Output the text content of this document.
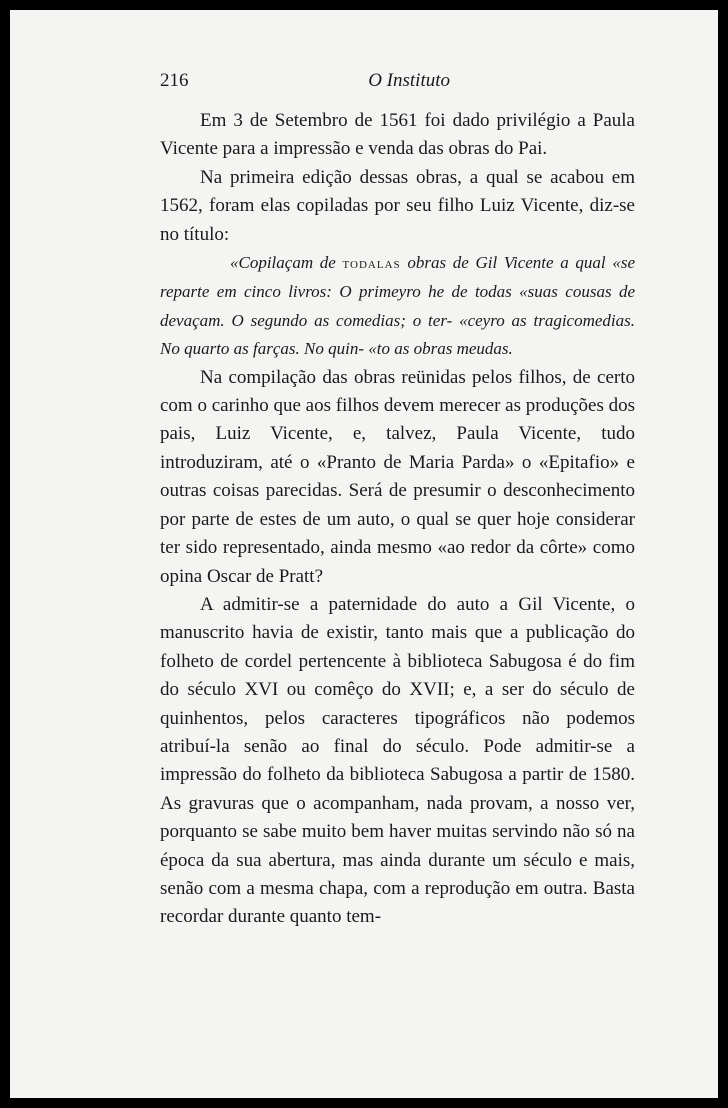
216	O Instituto

Em 3 de Setembro de 1561 foi dado privilégio a Paula Vicente para a impressão e venda das obras do Pai.

Na primeira edição dessas obras, a qual se acabou em 1562, foram elas copiladas por seu filho Luiz Vicente, diz-se no título:

«Copilaçam de todalas obras de Gil Vicente a qual «se reparte em cinco livros: O primeyro he de todas «suas cousas de devaçam. O segundo as comedias; o ter- «ceyro as tragicomedias. No quarto as farças. No quin- «to as obras meudas.

Na compilação das obras reünidas pelos filhos, de certo com o carinho que aos filhos devem merecer as produções dos pais, Luiz Vicente, e, talvez, Paula Vicente, tudo introduziram, até o «Pranto de Maria Parda» o «Epitafio» e outras coisas parecidas. Será de presumir o desconhecimento por parte de estes de um auto, o qual se quer hoje considerar ter sido representado, ainda mesmo «ao redor da côrte» como opina Oscar de Pratt?

A admitir-se a paternidade do auto a Gil Vicente, o manuscrito havia de existir, tanto mais que a publicação do folheto de cordel pertencente à biblioteca Sabugosa é do fim do século XVI ou comêço do XVII; e, a ser do século de quinhentos, pelos caracteres tipográficos não podemos atribuí-la senão ao final do século. Pode admitir-se a impressão do folheto da biblioteca Sabugosa a partir de 1580. As gravuras que o acompanham, nada provam, a nosso ver, porquanto se sabe muito bem haver muitas servindo não só na época da sua abertura, mas ainda durante um século e mais, senão com a mesma chapa, com a reprodução em outra. Basta recordar durante quanto tem-
